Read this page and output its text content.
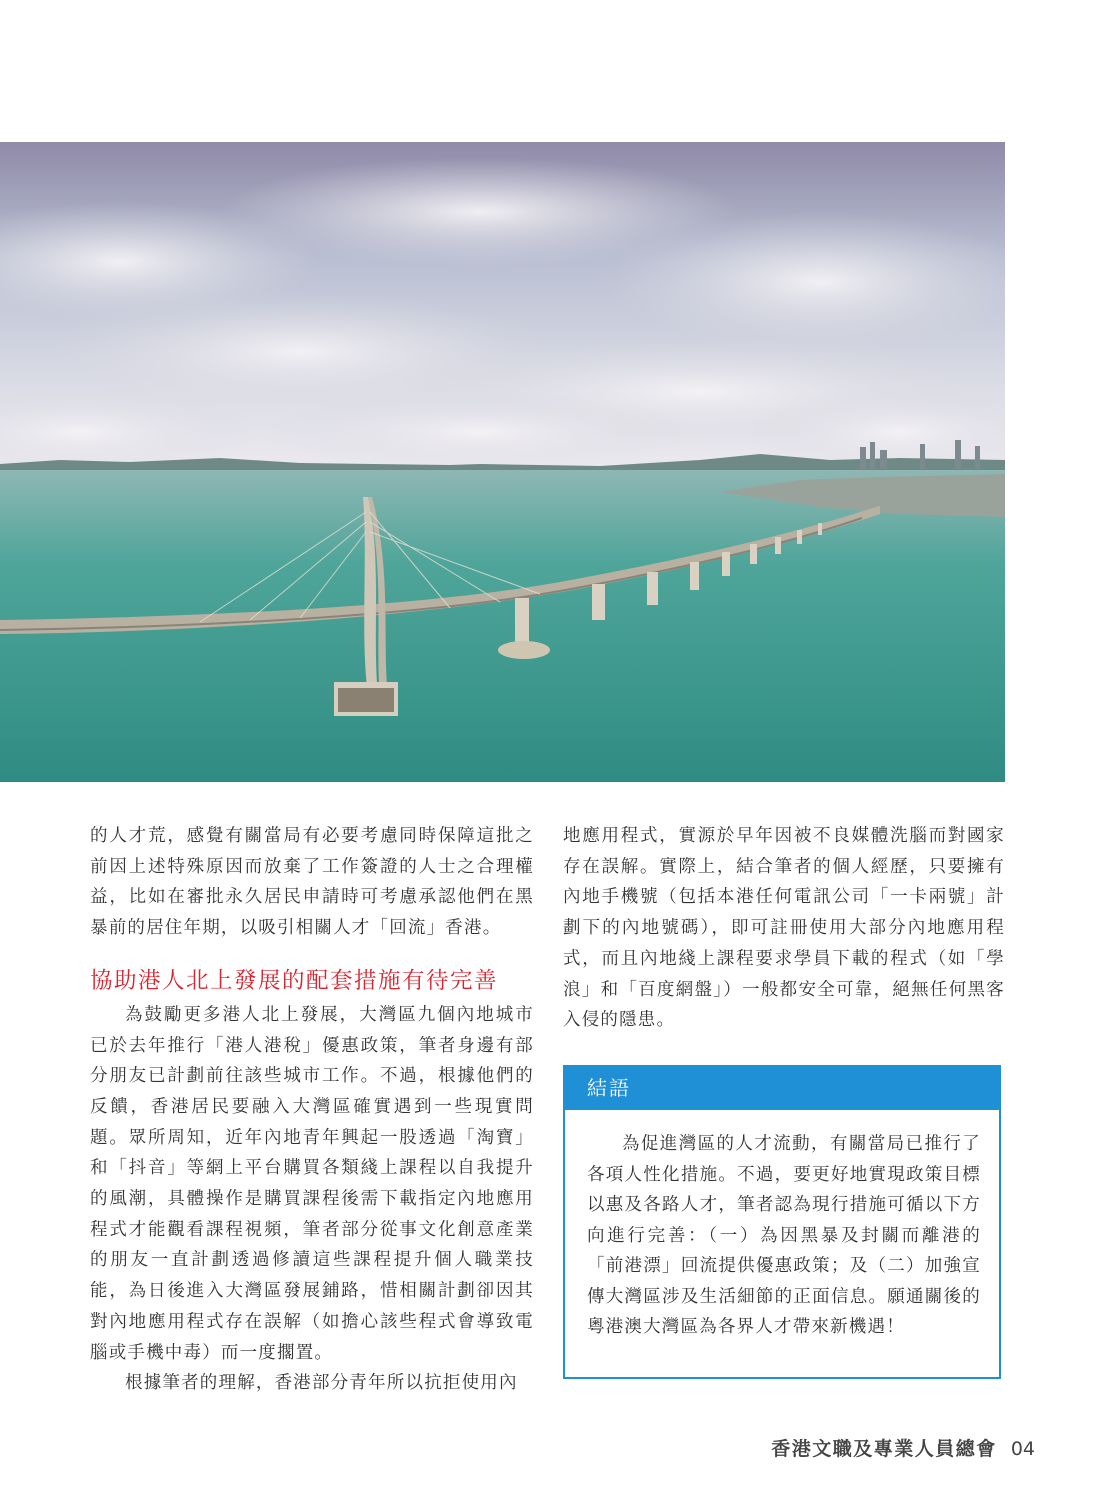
的人才荒，感覺有關當局有必要考慮同時保障這批之前因上述特殊原因而放棄了工作簽證的人士之合理權益，比如在審批永久居民申請時可考慮承認他們在黑暴前的居住年期，以吸引相關人才「回流」香港。

協助港人北上發展的配套措施有待完善

為鼓勵更多港人北上發展，大灣區九個內地城市已於去年推行「港人港稅」優惠政策，筆者身邊有部分朋友已計劃前往該些城市工作。不過，根據他們的反饋，香港居民要融入大灣區確實遇到一些現實問題。眾所周知，近年內地青年興起一股透過「淘寶」和「抖音」等網上平台購買各類綫上課程以自我提升的風潮，具體操作是購買課程後需下載指定內地應用程式才能觀看課程視頻，筆者部分從事文化創意產業的朋友一直計劃透過修讀這些課程提升個人職業技能，為日後進入大灣區發展鋪路，惜相關計劃卻因其對內地應用程式存在誤解（如擔心該些程式會導致電腦或手機中毒）而一度擱置。

根據筆者的理解，香港部分青年所以抗拒使用內

地應用程式，實源於早年因被不良媒體洗腦而對國家存在誤解。實際上，結合筆者的個人經歷，只要擁有內地手機號（包括本港任何電訊公司「一卡兩號」計劃下的內地號碼），即可註冊使用大部分內地應用程式，而且內地綫上課程要求學員下載的程式（如「學浪」和「百度網盤」）一般都安全可靠，絕無任何黑客入侵的隱患。

結語
為促進灣區的人才流動，有關當局已推行了各項人性化措施。不過，要更好地實現政策目標以惠及各路人才，筆者認為現行措施可循以下方向進行完善：（一）為因黑暴及封關而離港的「前港漂」回流提供優惠政策；及（二）加強宣傳大灣區涉及生活細節的正面信息。願通關後的粵港澳大灣區為各界人才帶來新機遇！
香港文職及專業人員總會 04
